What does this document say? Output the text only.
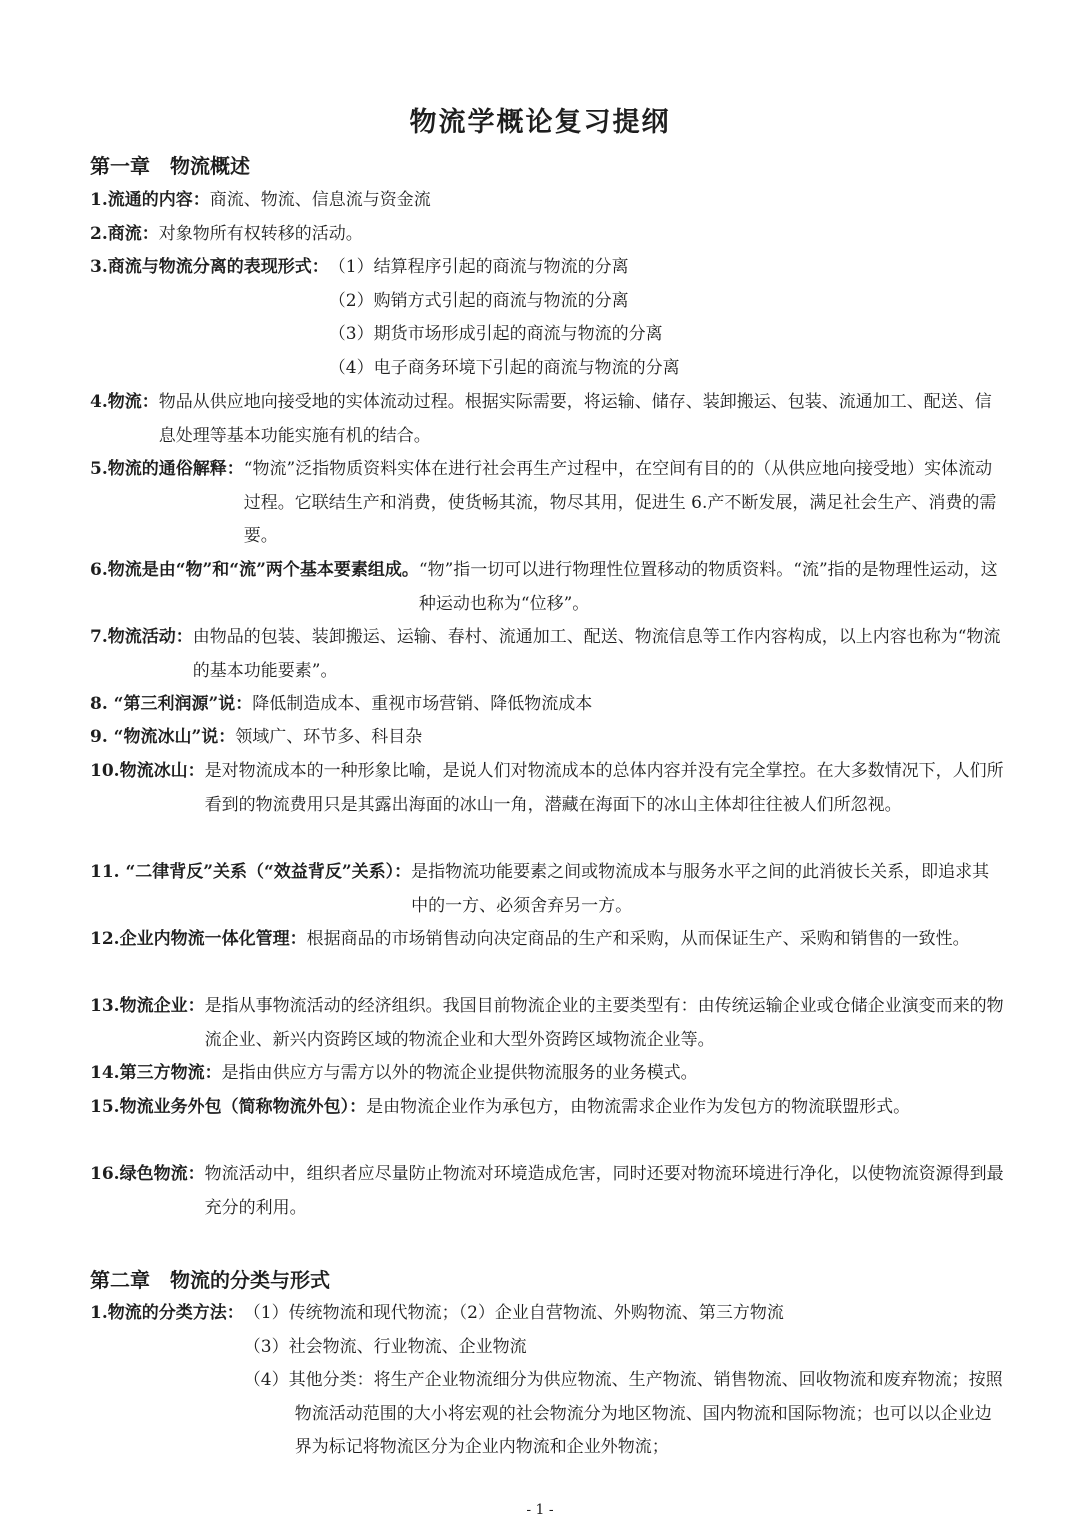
物流学概论复习提纲
第一章　物流概述

1.流通的内容： 商流、物流、信息流与资金流

2.商流： 对象物所有权转移的活动。

3.商流与物流分离的表现形式： （1）结算程序引起的商流与物流的分离
（2）购销方式引起的商流与物流的分离
（3）期货市场形成引起的商流与物流的分离
（4）电子商务环境下引起的商流与物流的分离

4.物流： 物品从供应地向接受地的实体流动过程。根据实际需要，将运输、储存、装卸搬运、包装、流通加工、配送、信息处理等基本功能实施有机的结合。

5.物流的通俗解释： “物流”泛指物质资料实体在进行社会再生产过程中，在空间有目的的（从供应地向接受地）实体流动过程。它联结生产和消费，使货畅其流，物尽其用，促进生 6.产不断发展，满足社会生产、消费的需要。

6.物流是由“物”和“流”两个基本要素组成。 “物”指一切可以进行物理性位置移动的物质资料。“流”指的是物理性运动，这种运动也称为“位移”。

7.物流活动： 由物品的包装、装卸搬运、运输、春村、流通加工、配送、物流信息等工作内容构成，以上内容也称为“物流的基本功能要素”。

8. “第三利润源”说： 降低制造成本、重视市场营销、降低物流成本

9. “物流冰山”说： 领域广、环节多、科目杂

10.物流冰山： 是对物流成本的一种形象比喻，是说人们对物流成本的总体内容并没有完全掌控。在大多数情况下，人们所看到的物流费用只是其露出海面的冰山一角，潜藏在海面下的冰山主体却往往被人们所忽视。

11. “二律背反”关系（“效益背反”关系）： 是指物流功能要素之间或物流成本与服务水平之间的此消彼长关系，即追求其中的一方、必须舍弃另一方。

12.企业内物流一体化管理： 根据商品的市场销售动向决定商品的生产和采购，从而保证生产、采购和销售的一致性。

13.物流企业： 是指从事物流活动的经济组织。我国目前物流企业的主要类型有：由传统运输企业或仓储企业演变而来的物流企业、新兴内资跨区域的物流企业和大型外资跨区域物流企业等。

14.第三方物流： 是指由供应方与需方以外的物流企业提供物流服务的业务模式。

15.物流业务外包（简称物流外包）： 是由物流企业作为承包方，由物流需求企业作为发包方的物流联盟形式。

16.绿色物流： 物流活动中，组织者应尽量防止物流对环境造成危害，同时还要对物流环境进行净化，以使物流资源得到最充分的利用。

第二章　物流的分类与形式
1.物流的分类方法： （1）传统物流和现代物流；（2）企业自营物流、外购物流、第三方物流
（3）社会物流、行业物流、企业物流
（4）其他分类：将生产企业物流细分为供应物流、生产物流、销售物流、回收物流和废弃物流；按照物流活动范围的大小将宏观的社会物流分为地区物流、国内物流和国际物流；也可以以企业边界为标记将物流区分为企业内物流和企业外物流；

- 1 -
